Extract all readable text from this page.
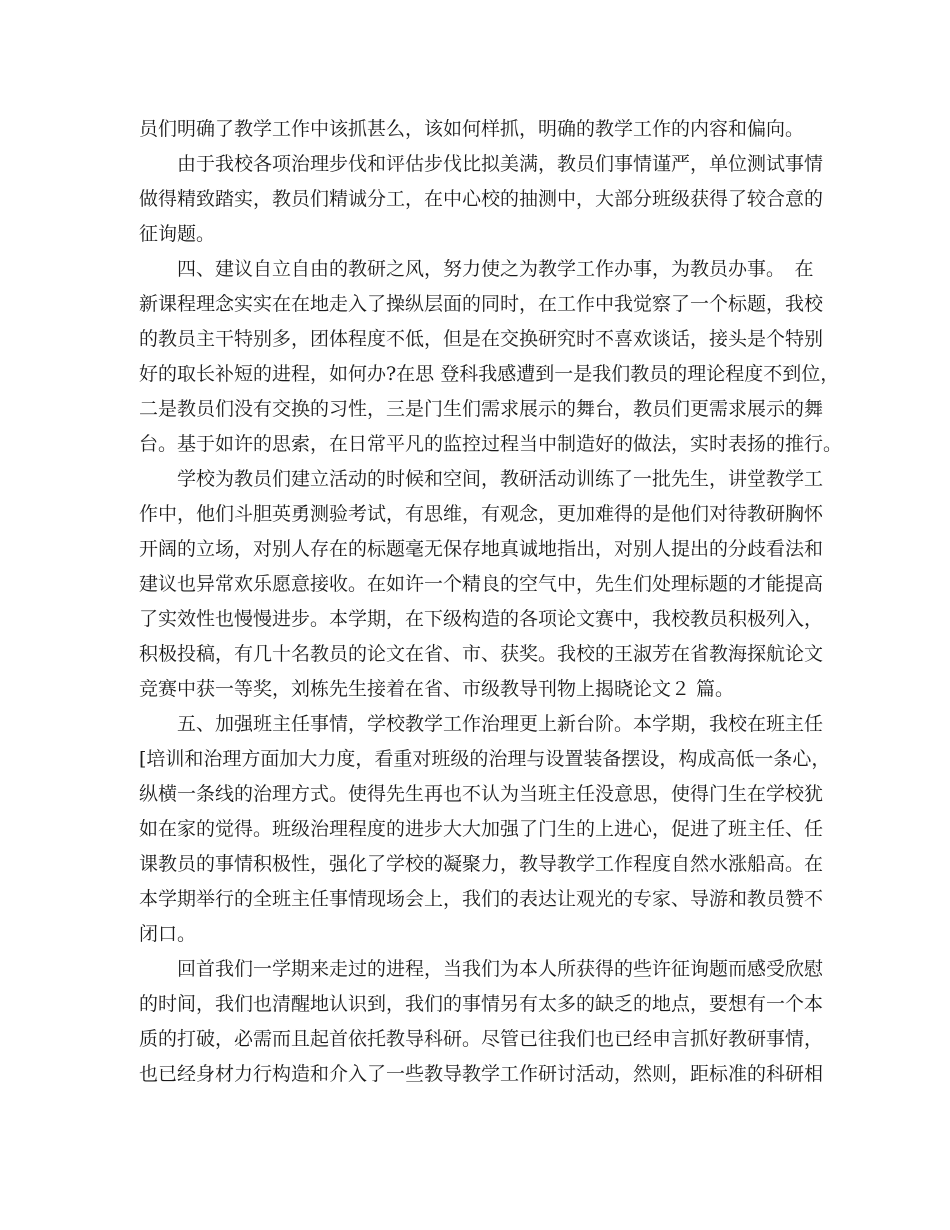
员们明确了教学工作中该抓甚么，该如何样抓，明确的教学工作的内容和偏向。
　　由于我校各项治理步伐和评估步伐比拟美满，教员们事情谨严，单位测试事情
做得精致踏实，教员们精诚分工，在中心校的抽测中，大部分班级获得了较合意的
征询题。
　　四、建议自立自由的教研之风，努力使之为教学工作办事，为教员办事。　在
新课程理念实实在在地走入了操纵层面的同时，在工作中我觉察了一个标题，我校
的教员主干特别多，团体程度不低，但是在交换研究时不喜欢谈话，接头是个特别
好的取长补短的进程，如何办?在思 登科我感遭到一是我们教员的理论程度不到位，
二是教员们没有交换的习性，三是门生们需求展示的舞台，教员们更需求展示的舞
台。基于如许的思索，在日常平凡的监控过程当中制造好的做法，实时表扬的推行。
　　学校为教员们建立活动的时候和空间，教研活动训练了一批先生，讲堂教学工
作中，他们斗胆英勇测验考试，有思维，有观念，更加难得的是他们对待教研胸怀
开阔的立场，对别人存在的标题毫无保存地真诚地指出，对别人提出的分歧看法和
建议也异常欢乐愿意接收。在如许一个精良的空气中，先生们处理标题的才能提高
了实效性也慢慢进步。本学期，在下级构造的各项论文赛中，我校教员积极列入，
积极投稿，有几十名教员的论文在省、市、获奖。我校的王淑芳在省教海探航论文
竞赛中获一等奖，刘栋先生接着在省、市级教导刊物上揭晓论文２ 篇。
　　五、加强班主任事情，学校教学工作治理更上新台阶。本学期，我校在班主任
[培训和治理方面加大力度，看重对班级的治理与设置装备摆设，构成高低一条心，
纵横一条线的治理方式。使得先生再也不认为当班主任没意思，使得门生在学校犹
如在家的觉得。班级治理程度的进步大大加强了门生的上进心，促进了班主任、任
课教员的事情积极性，强化了学校的凝聚力，教导教学工作程度自然水涨船高。在
本学期举行的全班主任事情现场会上，我们的表达让观光的专家、导游和教员赞不
闭口。
　　回首我们一学期来走过的进程，当我们为本人所获得的些许征询题而感受欣慰
的时间，我们也清醒地认识到，我们的事情另有太多的缺乏的地点，要想有一个本
质的打破，必需而且起首依托教导科研。尽管已往我们也已经申言抓好教研事情，
也已经身材力行构造和介入了一些教导教学工作研讨活动，然则，距标准的科研相
